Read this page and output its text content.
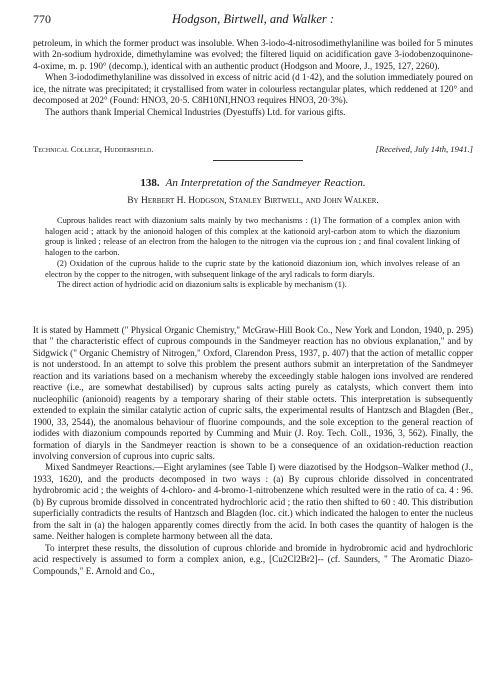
770	Hodgson, Birtwell, and Walker :

petroleum, in which the former product was insoluble. When 3-iodo-4-nitrosodimethylaniline was boiled for 5 minutes with 2n-sodium hydroxide, dimethylamine was evolved; the filtered liquid on acidification gave 3-iodobenzoquinone-4-oxime, m. p. 190° (decomp.), identical with an authentic product (Hodgson and Moore, J., 1925, 127, 2260).

When 3-iododimethylaniline was dissolved in excess of nitric acid (d 1·42), and the solution immediately poured on ice, the nitrate was precipitated; it crystallised from water in colourless rectangular plates, which reddened at 120° and decomposed at 202° (Found: HNO3, 20·5. C8H10NI,HNO3 requires HNO3, 20·3%).

The authors thank Imperial Chemical Industries (Dyestuffs) Ltd. for various gifts.

Technical College, Huddersfield.	[Received, July 14th, 1941.]
138. An Interpretation of the Sandmeyer Reaction.
By Herbert H. Hodgson, Stanley Birtwell, and John Walker.

Cuprous halides react with diazonium salts mainly by two mechanisms : (1) The formation of a complex anion with halogen acid ; attack by the anionoid halogen of this complex at the kationoid aryl-carbon atom to which the diazonium group is linked ; release of an electron from the halogen to the nitrogen via the cuprous ion ; and final covalent linking of halogen to the carbon.

(2) Oxidation of the cuprous halide to the cupric state by the kationoid diazonium ion, which involves release of an electron by the copper to the nitrogen, with subsequent linkage of the aryl radicals to form diaryls.

The direct action of hydriodic acid on diazonium salts is explicable by mechanism (1).

It is stated by Hammett (" Physical Organic Chemistry," McGraw-Hill Book Co., New York and London, 1940, p. 295) that " the characteristic effect of cuprous compounds in the Sandmeyer reaction has no obvious explanation," and by Sidgwick (" Organic Chemistry of Nitrogen," Oxford, Clarendon Press, 1937, p. 407) that the action of metallic copper is not understood. In an attempt to solve this problem the present authors submit an interpretation of the Sandmeyer reaction and its variations based on a mechanism whereby the exceedingly stable halogen ions involved are rendered reactive (i.e., are somewhat destabilised) by cuprous salts acting purely as catalysts, which convert them into nucleophilic (anionoid) reagents by a temporary sharing of their stable octets. This interpretation is subsequently extended to explain the similar catalytic action of cupric salts, the experimental results of Hantzsch and Blagden (Ber., 1900, 33, 2544), the anomalous behaviour of fluorine compounds, and the sole exception to the general reaction of iodides with diazonium compounds reported by Cumming and Muir (J. Roy. Tech. Coll., 1936, 3, 562). Finally, the formation of diaryls in the Sandmeyer reaction is shown to be a consequence of an oxidation-reduction reaction involving conversion of cuprous into cupric salts.

Mixed Sandmeyer Reactions.—Eight arylamines (see Table I) were diazotised by the Hodgson–Walker method (J., 1933, 1620), and the products decomposed in two ways : (a) By cuprous chloride dissolved in concentrated hydrobromic acid ; the weights of 4-chloro- and 4-bromo-1-nitrobenzene which resulted were in the ratio of ca. 4 : 96. (b) By cuprous bromide dissolved in concentrated hydrochloric acid ; the ratio then shifted to 60 : 40. This distribution superficially contradicts the results of Hantzsch and Blagden (loc. cit.) which indicated the halogen to enter the nucleus from the salt in (a) the halogen apparently comes directly from the acid. In both cases the quantity of halogen is the same. Neither halogen is complete harmony between all the data.

To interpret these results, the dissolution of cuprous chloride and bromide in hydrobromic acid and hydrochloric acid respectively is assumed to form a complex anion, e.g., [Cu2Cl2Br2]-- (cf. Saunders, " The Aromatic Diazo-Compounds," E. Arnold and Co.,
